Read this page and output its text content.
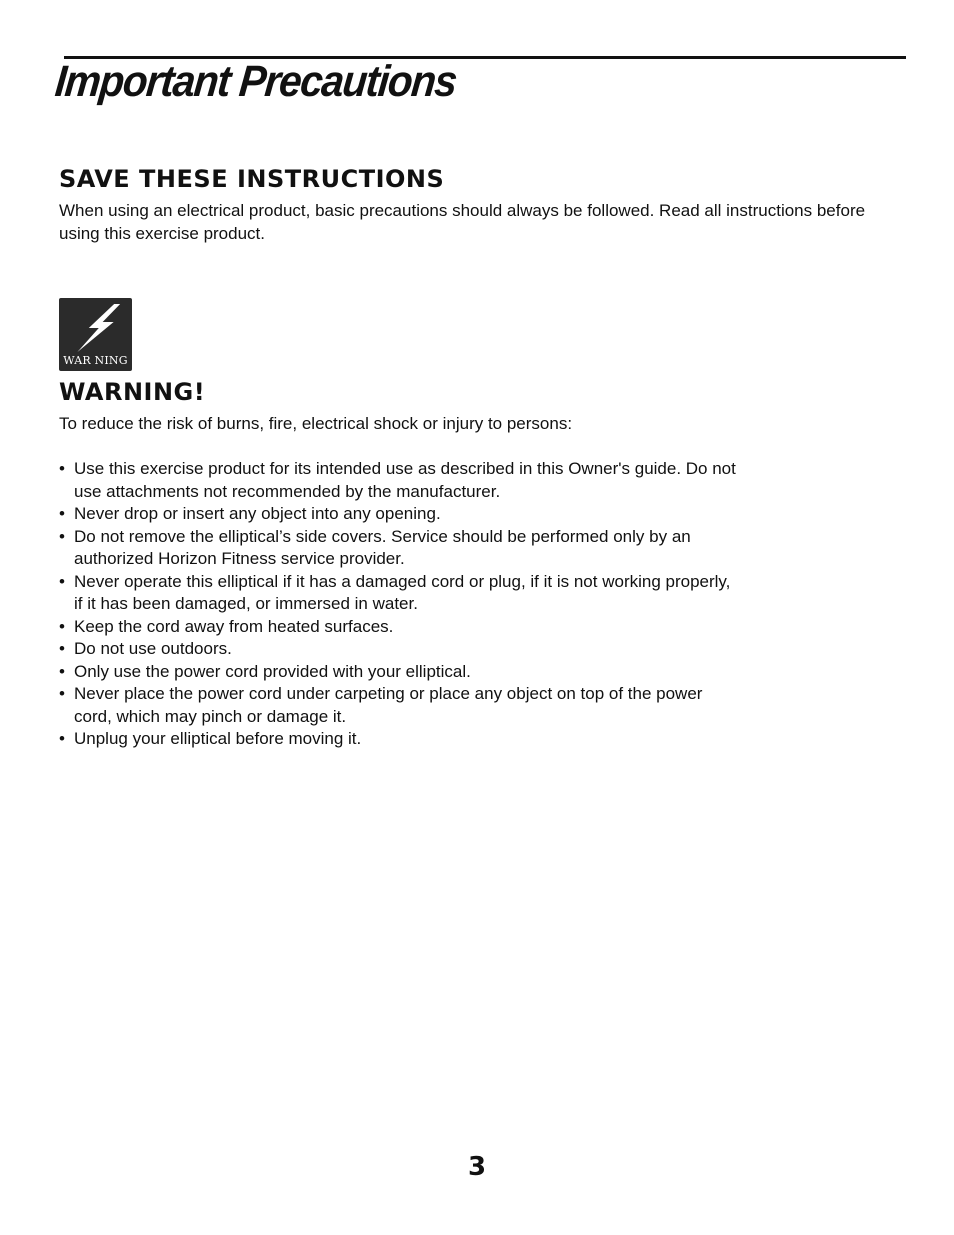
Important Precautions
SAVE THESE INSTRUCTIONS

When using an electrical product, basic precautions should always be followed. Read all instructions before using this exercise product.

WAR NING
WARNING!

To reduce the risk of burns, fire, electrical shock or injury to persons:

• Use this exercise product for its intended use as described in this Owner's guide. Do not use attachments not recommended by the manufacturer.
• Never drop or insert any object into any opening.
• Do not remove the elliptical’s side covers. Service should be performed only by an authorized Horizon Fitness service provider.
• Never operate this elliptical if it has a damaged cord or plug, if it is not working properly, if it has been damaged, or immersed in water.
• Keep the cord away from heated surfaces.
• Do not use outdoors.
• Only use the power cord provided with your elliptical.
• Never place the power cord under carpeting or place any object on top of the power cord, which may pinch or damage it.
• Unplug your elliptical before moving it.
3
